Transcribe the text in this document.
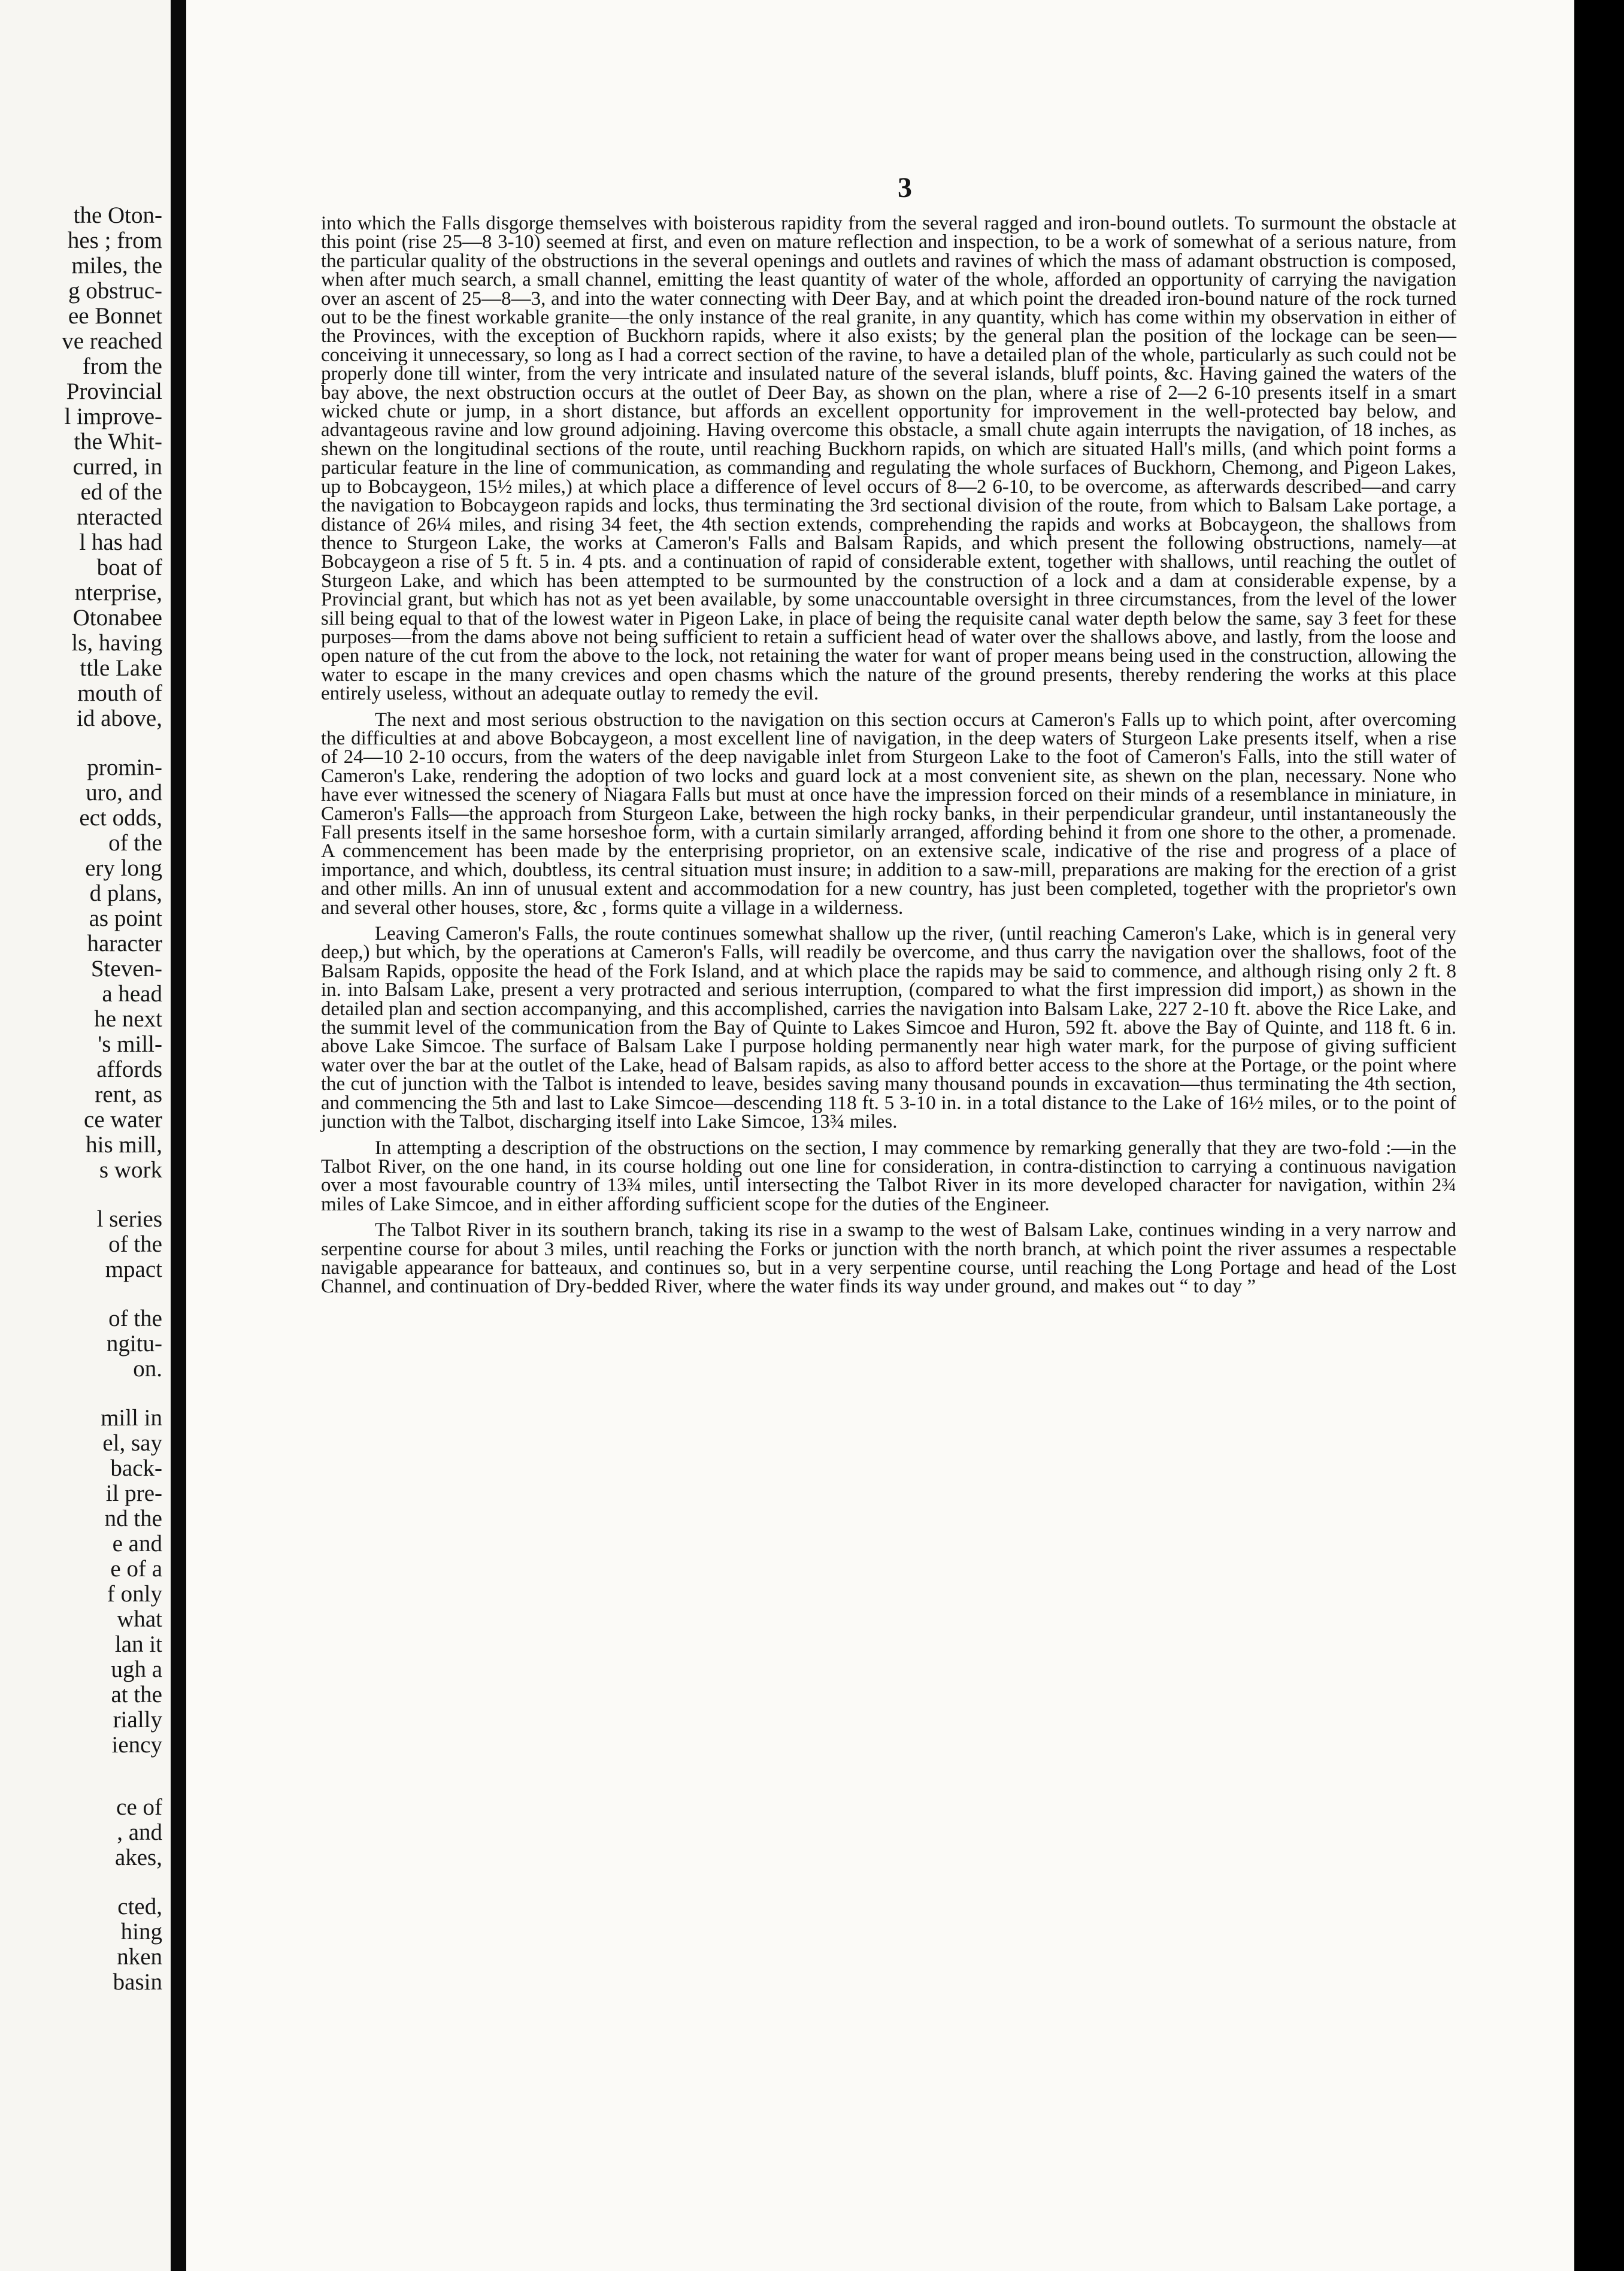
the Oton-
hes ; from
miles, the
g obstruc-
ee Bonnet
ve reached
from the
Provincial
l improve-
the Whit-
curred, in
ed of the
nteracted
l has had
boat of
nterprise,
Otonabee
ls, having
ttle Lake
mouth of
id above,
promin-
uro, and
ect odds,
of the
ery long
d plans,
as point
haracter
Steven-
a head
he next
's mill-
affords
rent, as
ce water
his mill,
s work
l series
of the
mpact
of the
ngitu-
on.
mill in
el, say
back-
il pre-
nd the
e and
e of a
f only
what
lan it
ugh a
at the
rially
iency
ce of
, and
akes,
cted,
hing
nken
basin
3

into which the Falls disgorge themselves with boisterous rapidity from the several ragged and iron-bound outlets. To surmount the obstacle at this point (rise 25—8 3-10) seemed at first, and even on mature reflection and inspection, to be a work of somewhat of a serious nature, from the particular quality of the obstructions in the several openings and outlets and ravines of which the mass of adamant obstruction is composed, when after much search, a small channel, emitting the least quantity of water of the whole, afforded an opportunity of carrying the navigation over an ascent of 25—8—3, and into the water connecting with Deer Bay, and at which point the dreaded iron-bound nature of the rock turned out to be the finest workable granite—the only instance of the real granite, in any quantity, which has come within my observation in either of the Provinces, with the exception of Buckhorn rapids, where it also exists; by the general plan the position of the lockage can be seen—conceiving it unnecessary, so long as I had a correct section of the ravine, to have a detailed plan of the whole, particularly as such could not be properly done till winter, from the very intricate and insulated nature of the several islands, bluff points, &c. Having gained the waters of the bay above, the next obstruction occurs at the outlet of Deer Bay, as shown on the plan, where a rise of 2—2 6-10 presents itself in a smart wicked chute or jump, in a short distance, but affords an excellent opportunity for improvement in the well-protected bay below, and advantageous ravine and low ground adjoining. Having overcome this obstacle, a small chute again interrupts the navigation, of 18 inches, as shewn on the longitudinal sections of the route, until reaching Buckhorn rapids, on which are situated Hall's mills, (and which point forms a particular feature in the line of communication, as commanding and regulating the whole surfaces of Buckhorn, Chemong, and Pigeon Lakes, up to Bobcaygeon, 15½ miles,) at which place a difference of level occurs of 8—2 6-10, to be overcome, as afterwards described—and carry the navigation to Bobcaygeon rapids and locks, thus terminating the 3rd sectional division of the route, from which to Balsam Lake portage, a distance of 26¼ miles, and rising 34 feet, the 4th section extends, comprehending the rapids and works at Bobcaygeon, the shallows from thence to Sturgeon Lake, the works at Cameron's Falls and Balsam Rapids, and which present the following obstructions, namely—at Bobcaygeon a rise of 5 ft. 5 in. 4 pts. and a continuation of rapid of considerable extent, together with shallows, until reaching the outlet of Sturgeon Lake, and which has been attempted to be surmounted by the construction of a lock and a dam at considerable expense, by a Provincial grant, but which has not as yet been available, by some unaccountable oversight in three circumstances, from the level of the lower sill being equal to that of the lowest water in Pigeon Lake, in place of being the requisite canal water depth below the same, say 3 feet for these purposes—from the dams above not being sufficient to retain a sufficient head of water over the shallows above, and lastly, from the loose and open nature of the cut from the above to the lock, not retaining the water for want of proper means being used in the construction, allowing the water to escape in the many crevices and open chasms which the nature of the ground presents, thereby rendering the works at this place entirely useless, without an adequate outlay to remedy the evil.

The next and most serious obstruction to the navigation on this section occurs at Cameron's Falls up to which point, after overcoming the difficulties at and above Bobcaygeon, a most excellent line of navigation, in the deep waters of Sturgeon Lake presents itself, when a rise of 24—10 2-10 occurs, from the waters of the deep navigable inlet from Sturgeon Lake to the foot of Cameron's Falls, into the still water of Cameron's Lake, rendering the adoption of two locks and guard lock at a most convenient site, as shewn on the plan, necessary. None who have ever witnessed the scenery of Niagara Falls but must at once have the impression forced on their minds of a resemblance in miniature, in Cameron's Falls—the approach from Sturgeon Lake, between the high rocky banks, in their perpendicular grandeur, until instantaneously the Fall presents itself in the same horseshoe form, with a curtain similarly arranged, affording behind it from one shore to the other, a promenade. A commencement has been made by the enterprising proprietor, on an extensive scale, indicative of the rise and progress of a place of importance, and which, doubtless, its central situation must insure; in addition to a saw-mill, preparations are making for the erection of a grist and other mills. An inn of unusual extent and accommodation for a new country, has just been completed, together with the proprietor's own and several other houses, store, &c , forms quite a village in a wilderness.

Leaving Cameron's Falls, the route continues somewhat shallow up the river, (until reaching Cameron's Lake, which is in general very deep,) but which, by the operations at Cameron's Falls, will readily be overcome, and thus carry the navigation over the shallows, foot of the Balsam Rapids, opposite the head of the Fork Island, and at which place the rapids may be said to commence, and although rising only 2 ft. 8 in. into Balsam Lake, present a very protracted and serious interruption, (compared to what the first impression did import,) as shown in the detailed plan and section accompanying, and this accomplished, carries the navigation into Balsam Lake, 227 2-10 ft. above the Rice Lake, and the summit level of the communication from the Bay of Quinte to Lakes Simcoe and Huron, 592 ft. above the Bay of Quinte, and 118 ft. 6 in. above Lake Simcoe. The surface of Balsam Lake I purpose holding permanently near high water mark, for the purpose of giving sufficient water over the bar at the outlet of the Lake, head of Balsam rapids, as also to afford better access to the shore at the Portage, or the point where the cut of junction with the Talbot is intended to leave, besides saving many thousand pounds in excavation—thus terminating the 4th section, and commencing the 5th and last to Lake Simcoe—descending 118 ft. 5 3-10 in. in a total distance to the Lake of 16½ miles, or to the point of junction with the Talbot, discharging itself into Lake Simcoe, 13¾ miles.

In attempting a description of the obstructions on the section, I may commence by remarking generally that they are two-fold :—in the Talbot River, on the one hand, in its course holding out one line for consideration, in contra-distinction to carrying a continuous navigation over a most favourable country of 13¾ miles, until intersecting the Talbot River in its more developed character for navigation, within 2¾ miles of Lake Simcoe, and in either affording sufficient scope for the duties of the Engineer.

The Talbot River in its southern branch, taking its rise in a swamp to the west of Balsam Lake, continues winding in a very narrow and serpentine course for about 3 miles, until reaching the Forks or junction with the north branch, at which point the river assumes a respectable navigable appearance for batteaux, and continues so, but in a very serpentine course, until reaching the Long Portage and head of the Lost Channel, and continuation of Dry-bedded River, where the water finds its way under ground, and makes out “ to day ”
